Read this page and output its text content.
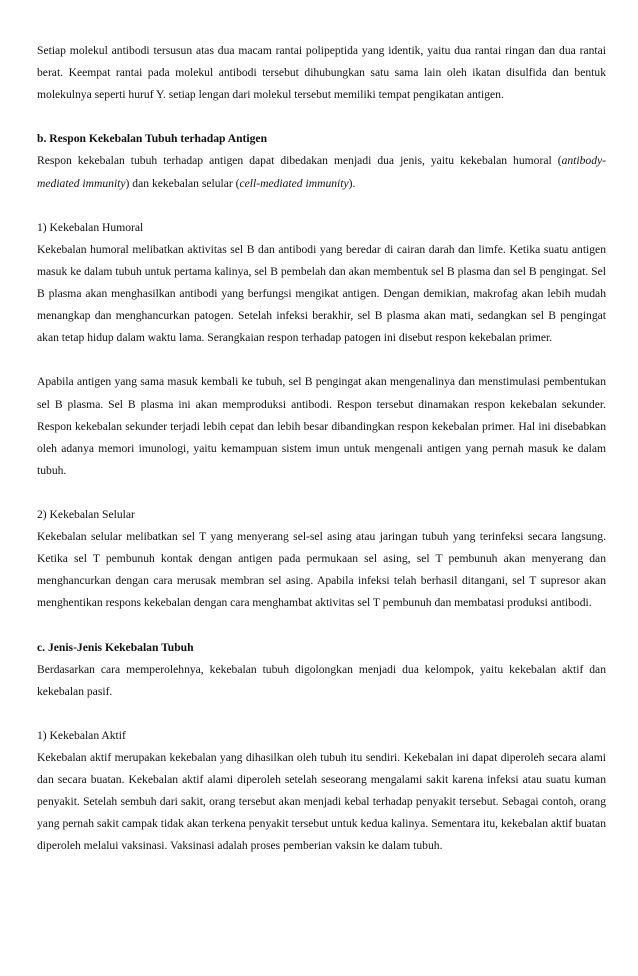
Setiap molekul antibodi tersusun atas dua macam rantai polipeptida yang identik, yaitu dua rantai ringan dan dua rantai berat. Keempat rantai pada molekul antibodi tersebut dihubungkan satu sama lain oleh ikatan disulfida dan bentuk molekulnya seperti huruf Y. setiap lengan dari molekul tersebut memiliki tempat pengikatan antigen.

b. Respon Kekebalan Tubuh terhadap Antigen

Respon kekebalan tubuh terhadap antigen dapat dibedakan menjadi dua jenis, yaitu kekebalan humoral (antibody-mediated immunity) dan kekebalan selular (cell-mediated immunity).

1) Kekebalan Humoral

Kekebalan humoral melibatkan aktivitas sel B dan antibodi yang beredar di cairan darah dan limfe. Ketika suatu antigen masuk ke dalam tubuh untuk pertama kalinya, sel B pembelah dan akan membentuk sel B plasma dan sel B pengingat. Sel B plasma akan menghasilkan antibodi yang berfungsi mengikat antigen. Dengan demikian, makrofag akan lebih mudah menangkap dan menghancurkan patogen. Setelah infeksi berakhir, sel B plasma akan mati, sedangkan sel B pengingat akan tetap hidup dalam waktu lama. Serangkaian respon terhadap patogen ini disebut respon kekebalan primer.

Apabila antigen yang sama masuk kembali ke tubuh, sel B pengingat akan mengenalinya dan menstimulasi pembentukan sel B plasma. Sel B plasma ini akan memproduksi antibodi. Respon tersebut dinamakan respon kekebalan sekunder. Respon kekebalan sekunder terjadi lebih cepat dan lebih besar dibandingkan respon kekebalan primer. Hal ini disebabkan oleh adanya memori imunologi, yaitu kemampuan sistem imun untuk mengenali antigen yang pernah masuk ke dalam tubuh.

2) Kekebalan Selular

Kekebalan selular melibatkan sel T yang menyerang sel-sel asing atau jaringan tubuh yang terinfeksi secara langsung. Ketika sel T pembunuh kontak dengan antigen pada permukaan sel asing, sel T pembunuh akan menyerang dan menghancurkan dengan cara merusak membran sel asing. Apabila infeksi telah berhasil ditangani, sel T supresor akan menghentikan respons kekebalan dengan cara menghambat aktivitas sel T pembunuh dan membatasi produksi antibodi.

c. Jenis-Jenis Kekebalan Tubuh

Berdasarkan cara memperolehnya, kekebalan tubuh digolongkan menjadi dua kelompok, yaitu kekebalan aktif dan kekebalan pasif.

1) Kekebalan Aktif

Kekebalan aktif merupakan kekebalan yang dihasilkan oleh tubuh itu sendiri. Kekebalan ini dapat diperoleh secara alami dan secara buatan. Kekebalan aktif alami diperoleh setelah seseorang mengalami sakit karena infeksi atau suatu kuman penyakit. Setelah sembuh dari sakit, orang tersebut akan menjadi kebal terhadap penyakit tersebut. Sebagai contoh, orang yang pernah sakit campak tidak akan terkena penyakit tersebut untuk kedua kalinya. Sementara itu, kekebalan aktif buatan diperoleh melalui vaksinasi. Vaksinasi adalah proses pemberian vaksin ke dalam tubuh.
